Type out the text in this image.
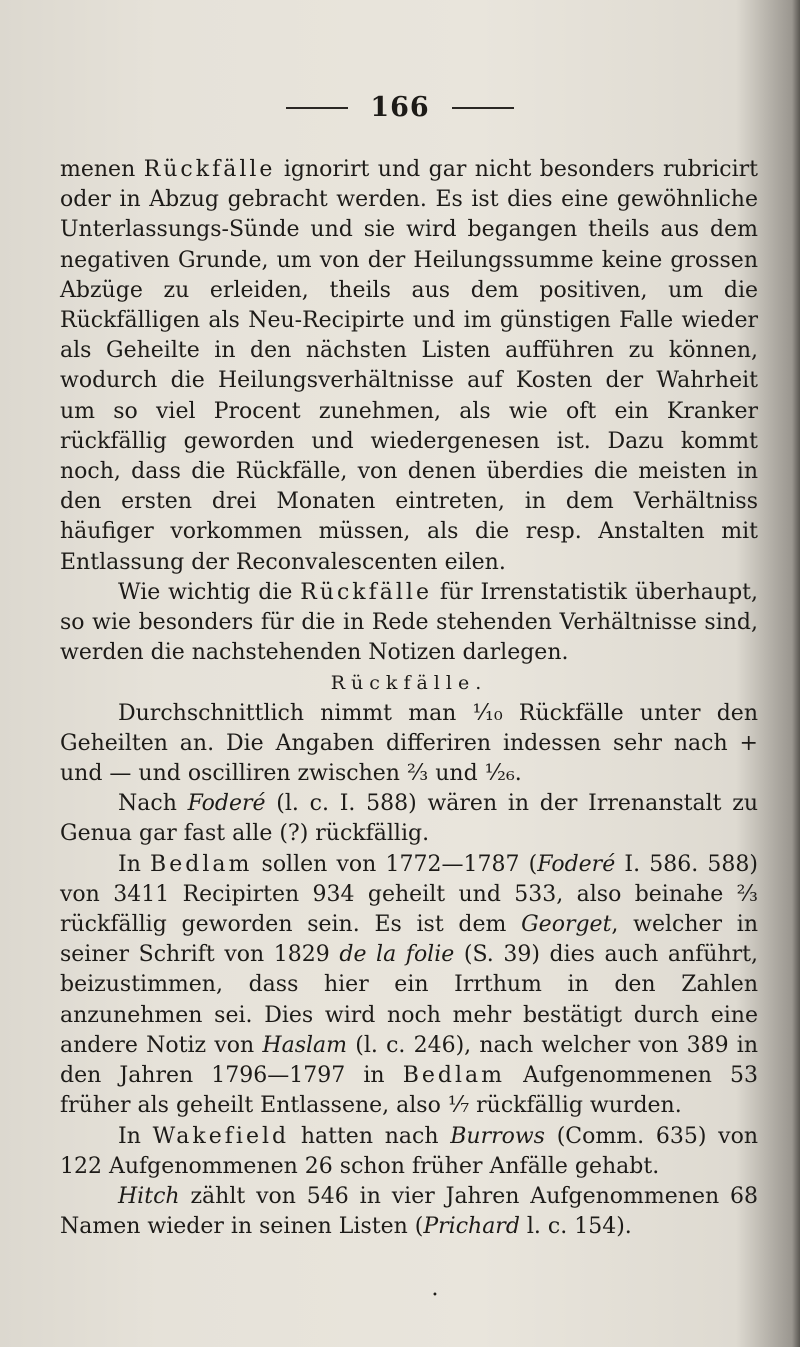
166

menen Rückfälle ignorirt und gar nicht besonders rubricirt oder in Abzug gebracht werden. Es ist dies eine gewöhnliche Unterlassungs-Sünde und sie wird begangen theils aus dem negativen Grunde, um von der Heilungssumme keine grossen Abzüge zu erleiden, theils aus dem positiven, um die Rückfälligen als Neu-Recipirte und im günstigen Falle wieder als Geheilte in den nächsten Listen aufführen zu können, wodurch die Heilungsverhältnisse auf Kosten der Wahrheit um so viel Procent zunehmen, als wie oft ein Kranker rückfällig geworden und wiedergenesen ist. Dazu kommt noch, dass die Rückfälle, von denen überdies die meisten in den ersten drei Monaten eintreten, in dem Verhältniss häufiger vorkommen müssen, als die resp. Anstalten mit Entlassung der Reconvalescenten eilen.

Wie wichtig die Rückfälle für Irrenstatistik überhaupt, so wie besonders für die in Rede stehenden Verhältnisse sind, werden die nachstehenden Notizen darlegen.

Rückfälle.

Durchschnittlich nimmt man ¹⁄₁₀ Rückfälle unter den Geheilten an. Die Angaben differiren indessen sehr nach + und — und oscilliren zwischen ²⁄₃ und ¹⁄₂₆.

Nach Foderé (l. c. I. 588) wären in der Irrenanstalt zu Genua gar fast alle (?) rückfällig.

In Bedlam sollen von 1772—1787 (Foderé I. 586. 588) von 3411 Recipirten 934 geheilt und 533, also beinahe ²⁄₃ rückfällig geworden sein. Es ist dem Georget, welcher in seiner Schrift von 1829 de la folie (S. 39) dies auch anführt, beizustimmen, dass hier ein Irrthum in den Zahlen anzunehmen sei. Dies wird noch mehr bestätigt durch eine andere Notiz von Haslam (l. c. 246), nach welcher von 389 in den Jahren 1796—1797 in Bedlam Aufgenommenen 53 früher als geheilt Entlassene, also ¹⁄₇ rückfällig wurden.

In Wakefield hatten nach Burrows (Comm. 635) von 122 Aufgenommenen 26 schon früher Anfälle gehabt.

Hitch zählt von 546 in vier Jahren Aufgenommenen 68 Namen wieder in seinen Listen (Prichard l. c. 154).

•
